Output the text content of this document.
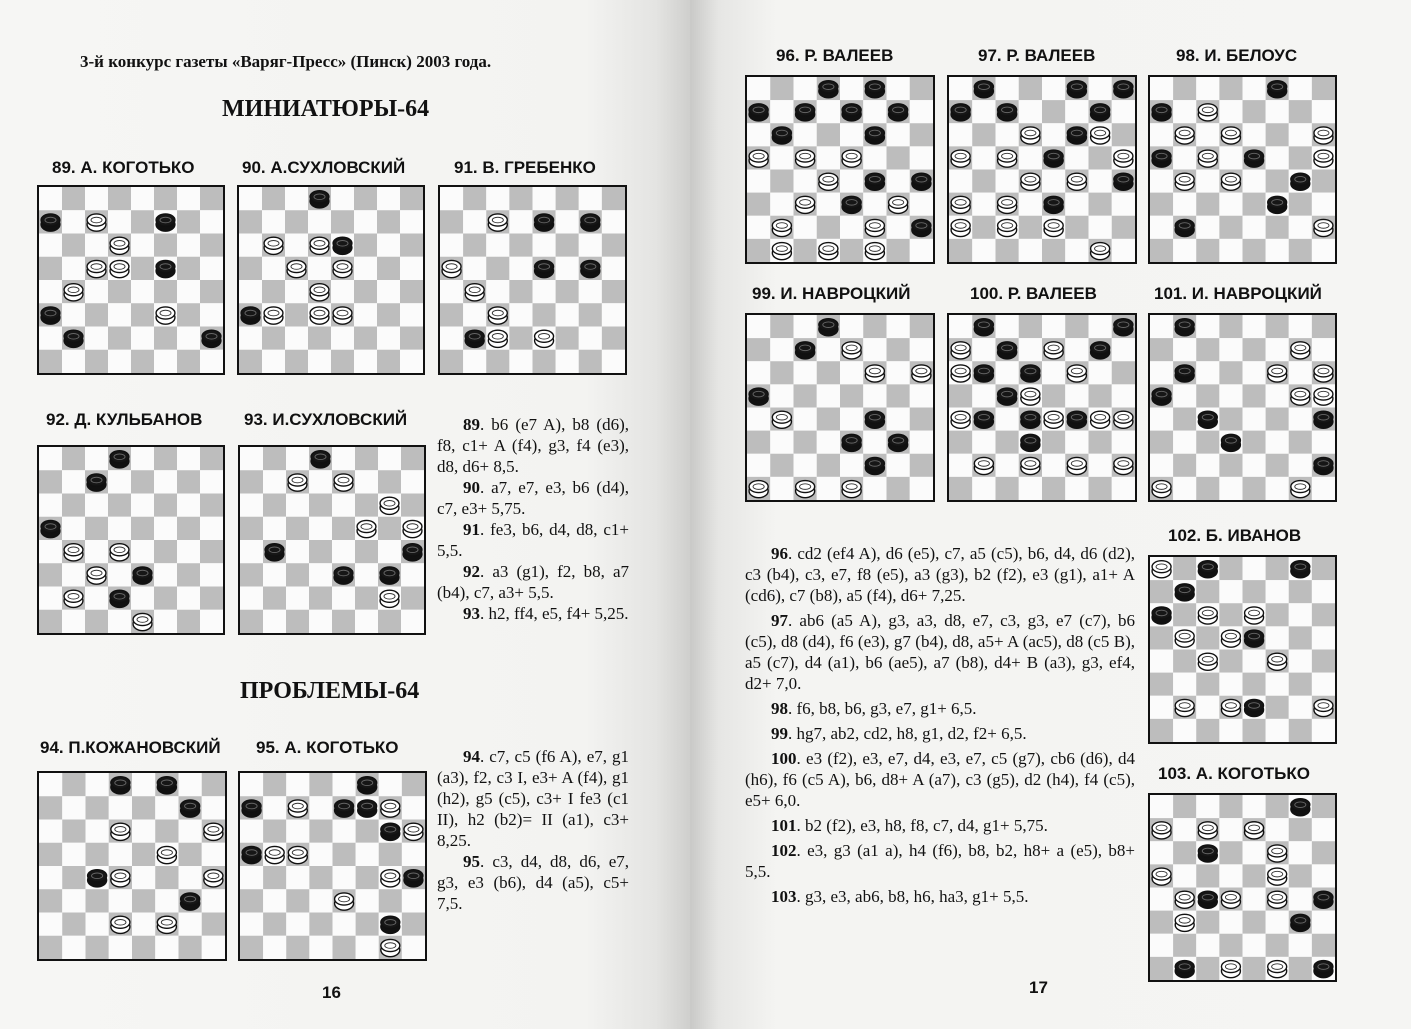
3-й конкурс газеты «Варяг-Пресс» (Пинск) 2003 года.
МИНИАТЮРЫ-64
ПРОБЛЕМЫ-64
16	17
89. А. КОГОТЬКО	90. А.СУХЛОВСКИЙ	91. В. ГРЕБЕНКО
92. Д. КУЛЬБАНОВ 93. И.СУХЛОВСКИЙ
94. П.КОЖАНОВСКИЙ 95. А. КОГОТЬКО
96. Р. ВАЛЕЕВ	97. Р. ВАЛЕЕВ	98. И. БЕЛОУС
99. И. НАВРОЦКИЙ	100. Р. ВАЛЕЕВ	101. И. НАВРОЦКИЙ
102. Б. ИВАНОВ
103. А. КОГОТЬКО

89. b6 (e7 A), b8 (d6), f8, c1+ A (f4), g3, f4 (e3), d8, d6+ 8,5.

90. a7, e7, e3, b6 (d4), c7, e3+ 5,75.

91. fe3, b6, d4, d8, c1+ 5,5.

92. a3 (g1), f2, b8, a7 (b4), c7, a3+ 5,5.

93. h2, ff4, e5, f4+ 5,25.

94. c7, c5 (f6 A), e7, g1 (a3), f2, c3 I, e3+ A (f4), g1 (h2), g5 (c5), c3+ I fe3 (c1 II), h2 (b2)= II (a1), c3+ 8,25.

95. c3, d4, d8, d6, e7, g3, e3 (b6), d4 (a5), c5+ 7,5.

96. cd2 (ef4 A), d6 (e5), c7, a5 (c5), b6, d4, d6 (d2), c3 (b4), c3, e7, f8 (e5), a3 (g3), b2 (f2), e3 (g1), a1+ A (cd6), c7 (b8), a5 (f4), d6+ 7,25.

97. ab6 (a5 A), g3, a3, d8, e7, c3, g3, e7 (c7), b6 (c5), d8 (d4), f6 (e3), g7 (b4), d8, a5+ A (ac5), d8 (c5 B), a5 (c7), d4 (a1), b6 (ae5), a7 (b8), d4+ B (a3), g3, ef4, d2+ 7,0.

98. f6, b8, b6, g3, e7, g1+ 6,5.

99. hg7, ab2, cd2, h8, g1, d2, f2+ 6,5.

100. e3 (f2), e3, e7, d4, e3, e7, c5 (g7), cb6 (d6), d4 (h6), f6 (c5 A), b6, d8+ A (a7), c3 (g5), d2 (h4), f4 (c5), e5+ 6,0.

101. b2 (f2), e3, h8, f8, c7, d4, g1+ 5,75.

102. e3, g3 (a1 a), h4 (f6), b8, b2, h8+ a (e5), b8+ 5,5.

103. g3, e3, ab6, b8, h6, ha3, g1+ 5,5.
